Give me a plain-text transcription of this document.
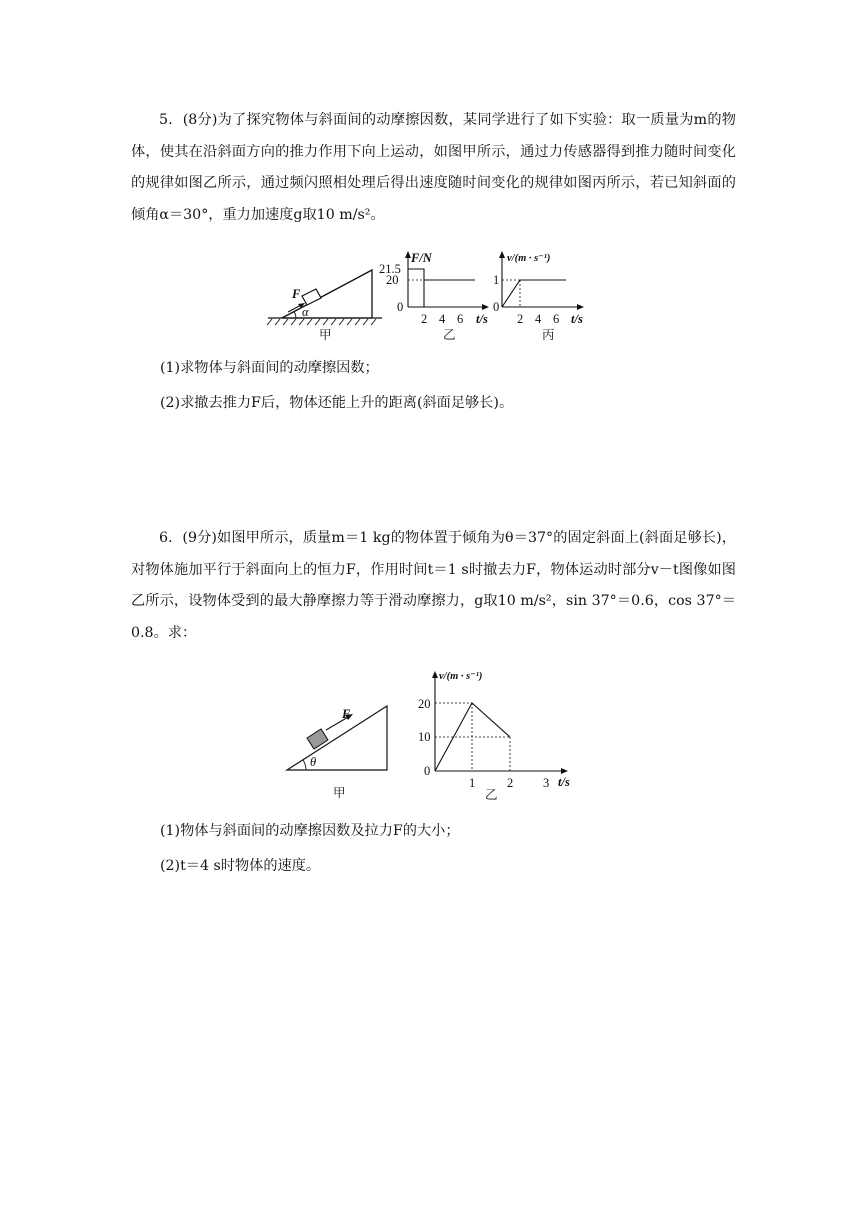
5．(8分)为了探究物体与斜面间的动摩擦因数，某同学进行了如下实验：取一质量为m的物体，使其在沿斜面方向的推力作用下向上运动，如图甲所示，通过力传感器得到推力随时间变化的规律如图乙所示，通过频闪照相处理后得出速度随时间变化的规律如图丙所示，若已知斜面的倾角α＝30°，重力加速度g取10 m/s²。
F
α
甲
F/N
21.5
20
0
2 4 6 t/s
乙
v/(m · s⁻¹)
1
0
2 4 6 t/s
丙
(1)求物体与斜面间的动摩擦因数；
(2)求撤去推力F后，物体还能上升的距离(斜面足够长)。
6．(9分)如图甲所示，质量m＝1 kg的物体置于倾角为θ＝37°的固定斜面上(斜面足够长)，对物体施加平行于斜面向上的恒力F，作用时间t＝1 s时撤去力F，物体运动时部分v－t图像如图乙所示，设物体受到的最大静摩擦力等于滑动摩擦力，g取10 m/s²，sin 37°＝0.6，cos 37°＝0.8。求：
F
θ
甲
v/(m · s⁻¹)
20
10
0
1	2 3 t/s
乙
(1)物体与斜面间的动摩擦因数及拉力F的大小；
(2)t＝4 s时物体的速度。
